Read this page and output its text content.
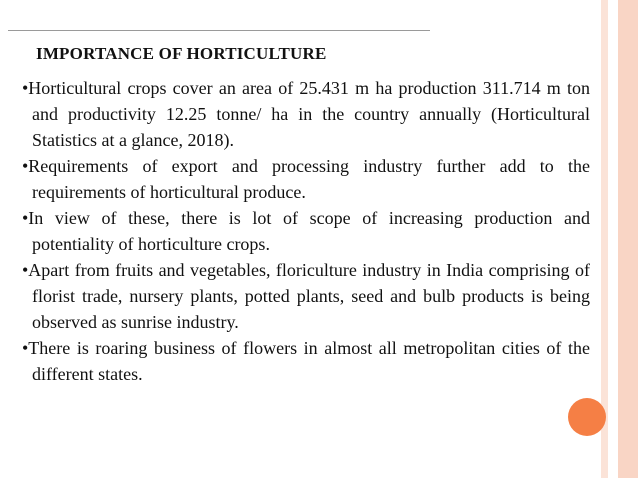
IMPORTANCE OF HORTICULTURE

•Horticultural crops cover an area of 25.431 m ha production 311.714 m ton and productivity 12.25 tonne/ ha in the country annually (Horticultural Statistics at a glance, 2018).

•Requirements of export and processing industry further add to the requirements of horticultural produce.

•In view of these, there is lot of scope of increasing production and potentiality of horticulture crops.

•Apart from fruits and vegetables, floriculture industry in India comprising of florist trade, nursery plants, potted plants, seed and bulb products is being observed as sunrise industry.

•There is roaring business of flowers in almost all metropolitan cities of the different states.
